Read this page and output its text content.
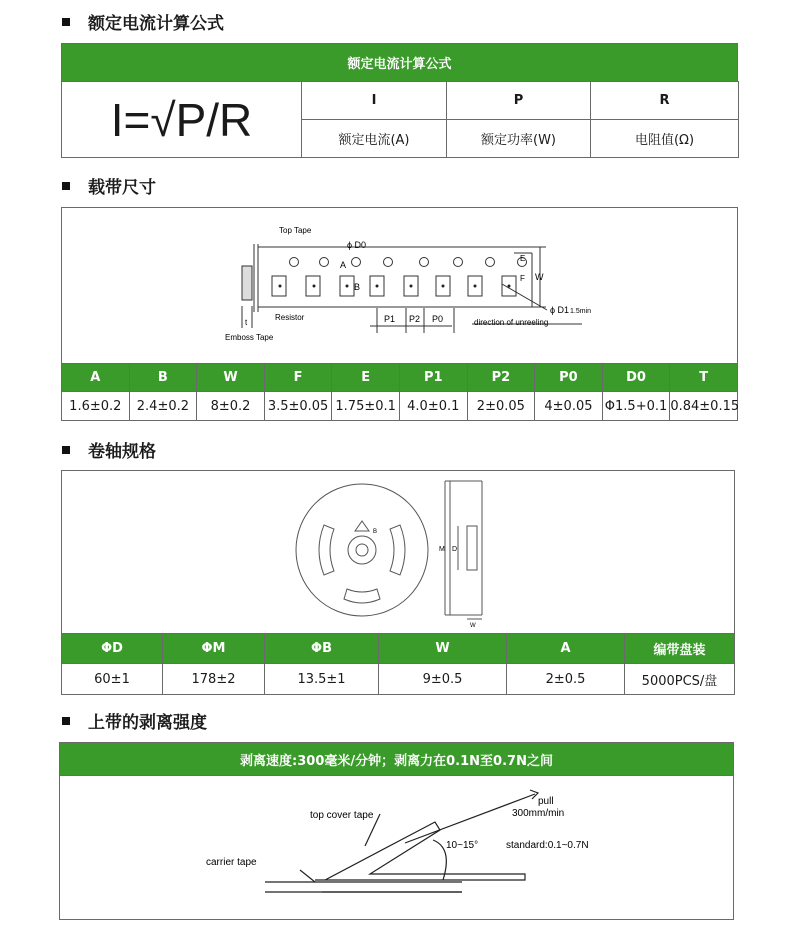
额定电流计算公式
额定电流计算公式
I=√P/R	I	P	R
	额定电流(A)	额定功率(W)	电阻值(Ω)
载带尺寸
Top Tape
ϕ D0
A
B
E
F W
ϕ D1 1.5min
Resistor
Emboss Tape
t	P1 P2 P0	direction of unreeling
A	B	W	F	E	P1	P2	P0	D0	T
1.6±0.2	2.4±0.2	8±0.2	3.5±0.05	1.75±0.1	4.0±0.1	2±0.05	4±0.05	Φ1.5+0.1	0.84±0.15
卷轴规格
B
M D
W
ΦD	ΦM	ΦB	W	A	编带盘装
60±1	178±2	13.5±1	9±0.5	2±0.5	5000PCS/盘
上带的剥离强度
剥离速度:300毫米/分钟；剥离力在0.1N至0.7N之间
pull
300mm/min
top cover tape
10~15°	standard:0.1~0.7N
carrier tape
